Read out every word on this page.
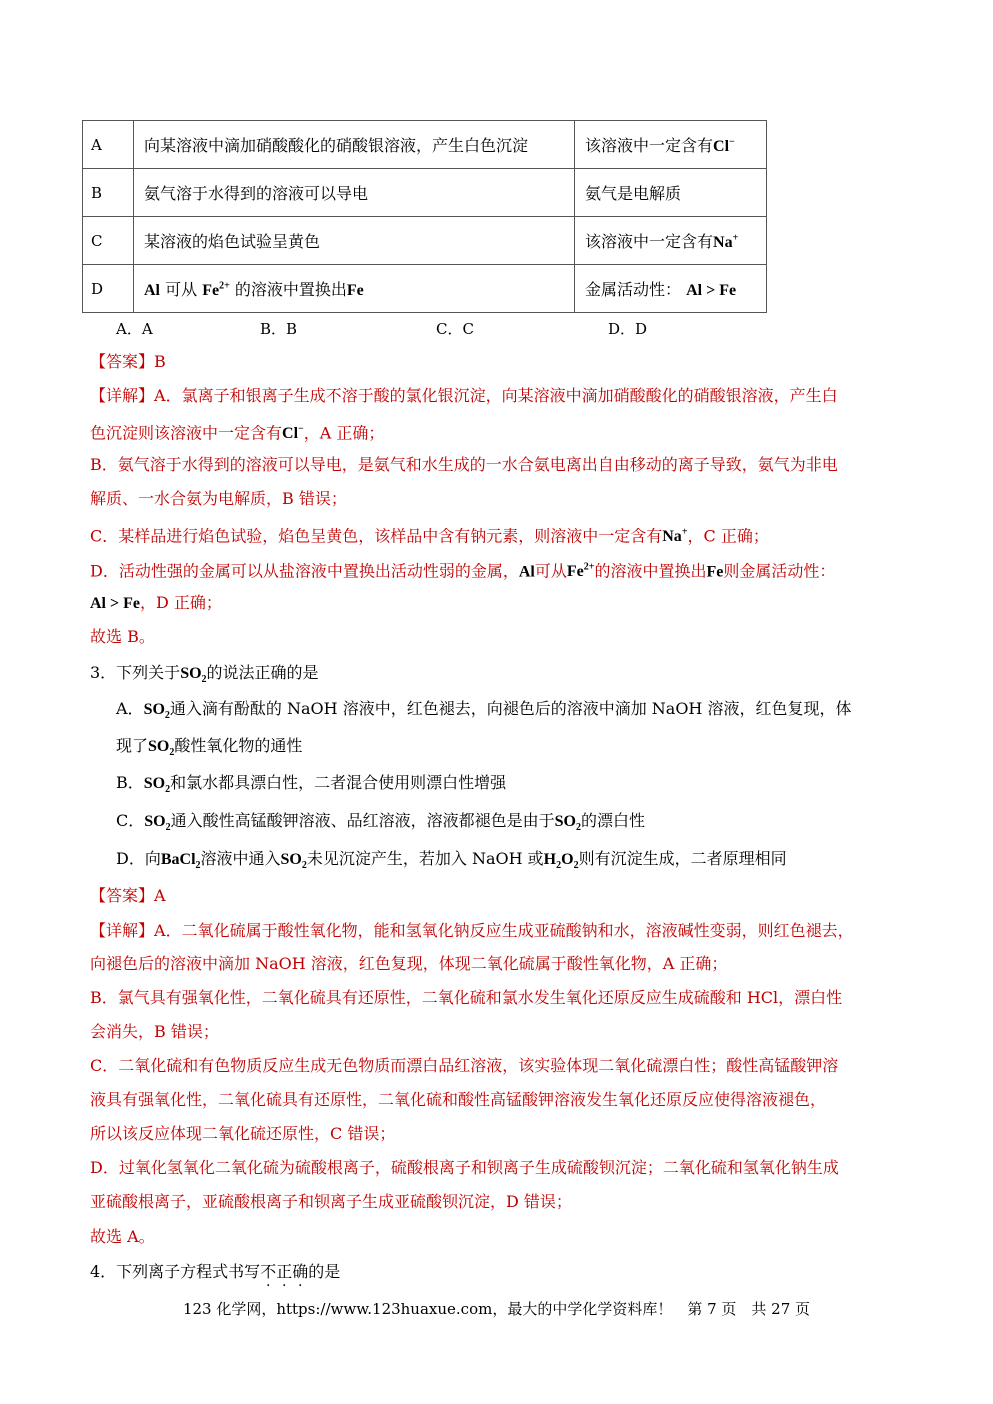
A	向某溶液中滴加硝酸酸化的硝酸银溶液，产生白色沉淀	该溶液中一定含有Cl−
B	氨气溶于水得到的溶液可以导电	氨气是电解质
C	某溶液的焰色试验呈黄色	该溶液中一定含有Na+
D	Al 可从 $Fe^{2+}$ 的溶液中置换出Fe	金属活动性： Al > Fe
A．A	B．B	C．C	D．D
【答案】B
【详解】A．氯离子和银离子生成不溶于酸的氯化银沉淀，向某溶液中滴加硝酸酸化的硝酸银溶液，产生白
色沉淀则该溶液中一定含有Cl−，A 正确；
B．氨气溶于水得到的溶液可以导电，是氨气和水生成的一水合氨电离出自由移动的离子导致，氨气为非电
解质、一水合氨为电解质，B 错误；
C．某样品进行焰色试验，焰色呈黄色，该样品中含有钠元素，则溶液中一定含有Na+，C 正确；
D．活动性强的金属可以从盐溶液中置换出活动性弱的金属，Al可从$Fe^{2+}$的溶液中置换出Fe则金属活动性：
Al > Fe，D 正确；
故选 B。
3．下列关于$SO_2$的说法正确的是
A．$SO_2$通入滴有酚酞的 NaOH 溶液中，红色褪去，向褪色后的溶液中滴加 NaOH 溶液，红色复现，体
现了$SO_2$酸性氧化物的通性
B．$SO_2$和氯水都具漂白性，二者混合使用则漂白性增强
C．$SO_2$通入酸性高锰酸钾溶液、品红溶液，溶液都褪色是由于$SO_2$的漂白性
D．向BaCl$_2$溶液中通入$SO_2$未见沉淀产生，若加入 NaOH 或$H_2O_2$则有沉淀生成，二者原理相同
【答案】A
【详解】A．二氧化硫属于酸性氧化物，能和氢氧化钠反应生成亚硫酸钠和水，溶液碱性变弱，则红色褪去，
向褪色后的溶液中滴加 NaOH 溶液，红色复现，体现二氧化硫属于酸性氧化物，A 正确；
B．氯气具有强氧化性，二氧化硫具有还原性，二氧化硫和氯水发生氧化还原反应生成硫酸和 HCl，漂白性
会消失，B 错误；
C．二氧化硫和有色物质反应生成无色物质而漂白品红溶液，该实验体现二氧化硫漂白性；酸性高锰酸钾溶
液具有强氧化性，二氧化硫具有还原性，二氧化硫和酸性高锰酸钾溶液发生氧化还原反应使得溶液褪色，
所以该反应体现二氧化硫还原性，C 错误；
D．过氧化氢氧化二氧化硫为硫酸根离子，硫酸根离子和钡离子生成硫酸钡沉淀；二氧化硫和氢氧化钠生成
亚硫酸根离子，亚硫酸根离子和钡离子生成亚硫酸钡沉淀，D 错误；
故选 A。
4．下列离子方程式书写不正确的是
123 化学网，https://www.123huaxue.com，最大的中学化学资料库！　第 7 页　共 27 页
